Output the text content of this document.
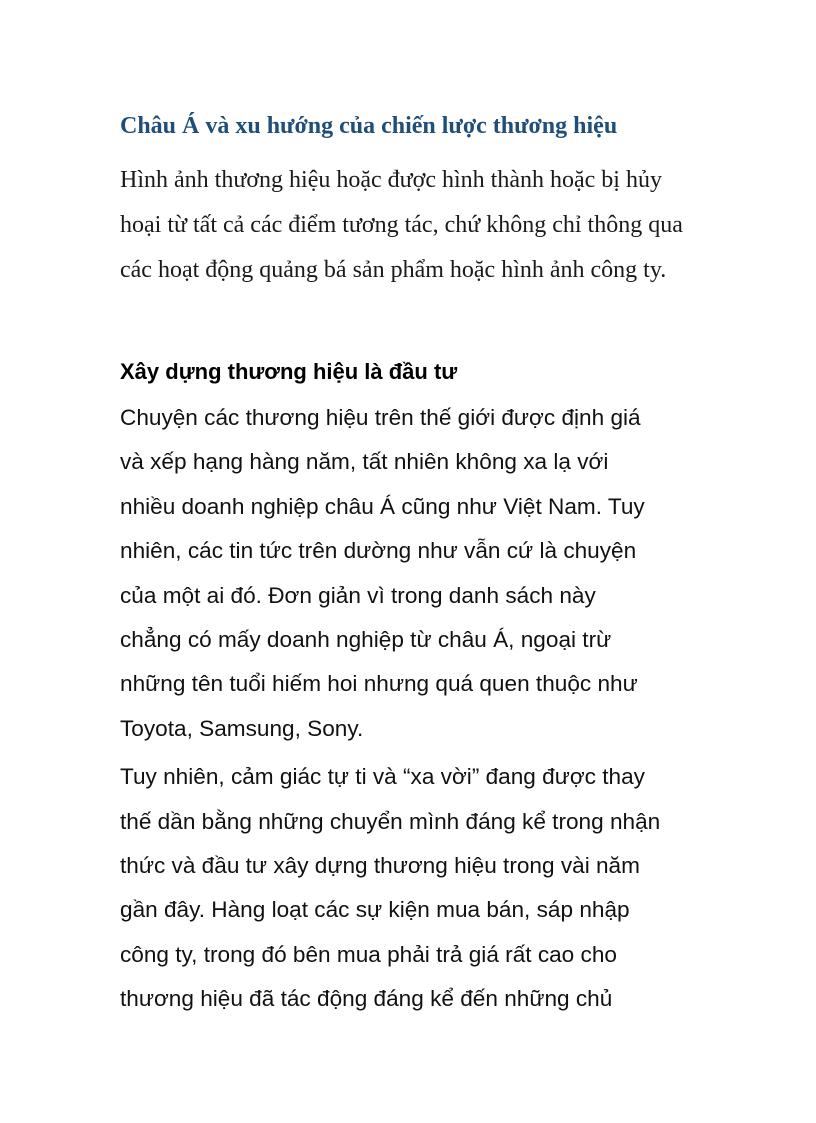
Châu Á và xu hướng của chiến lược thương hiệu

Hình ảnh thương hiệu hoặc được hình thành hoặc bị hủy
hoại từ tất cả các điểm tương tác, chứ không chỉ thông qua
các hoạt động quảng bá sản phẩm hoặc hình ảnh công ty.

Xây dựng thương hiệu là đầu tư

Chuyện các thương hiệu trên thế giới được định giá
và xếp hạng hàng năm, tất nhiên không xa lạ với
nhiều doanh nghiệp châu Á cũng như Việt Nam. Tuy
nhiên, các tin tức trên dường như vẫn cứ là chuyện
của một ai đó. Đơn giản vì trong danh sách này
chẳng có mấy doanh nghiệp từ châu Á, ngoại trừ
những tên tuổi hiếm hoi nhưng quá quen thuộc như
Toyota, Samsung, Sony.

Tuy nhiên, cảm giác tự ti và “xa vời” đang được thay
thế dần bằng những chuyển mình đáng kể trong nhận
thức và đầu tư xây dựng thương hiệu trong vài năm
gần đây. Hàng loạt các sự kiện mua bán, sáp nhập
công ty, trong đó bên mua phải trả giá rất cao cho
thương hiệu đã tác động đáng kể đến những chủ
